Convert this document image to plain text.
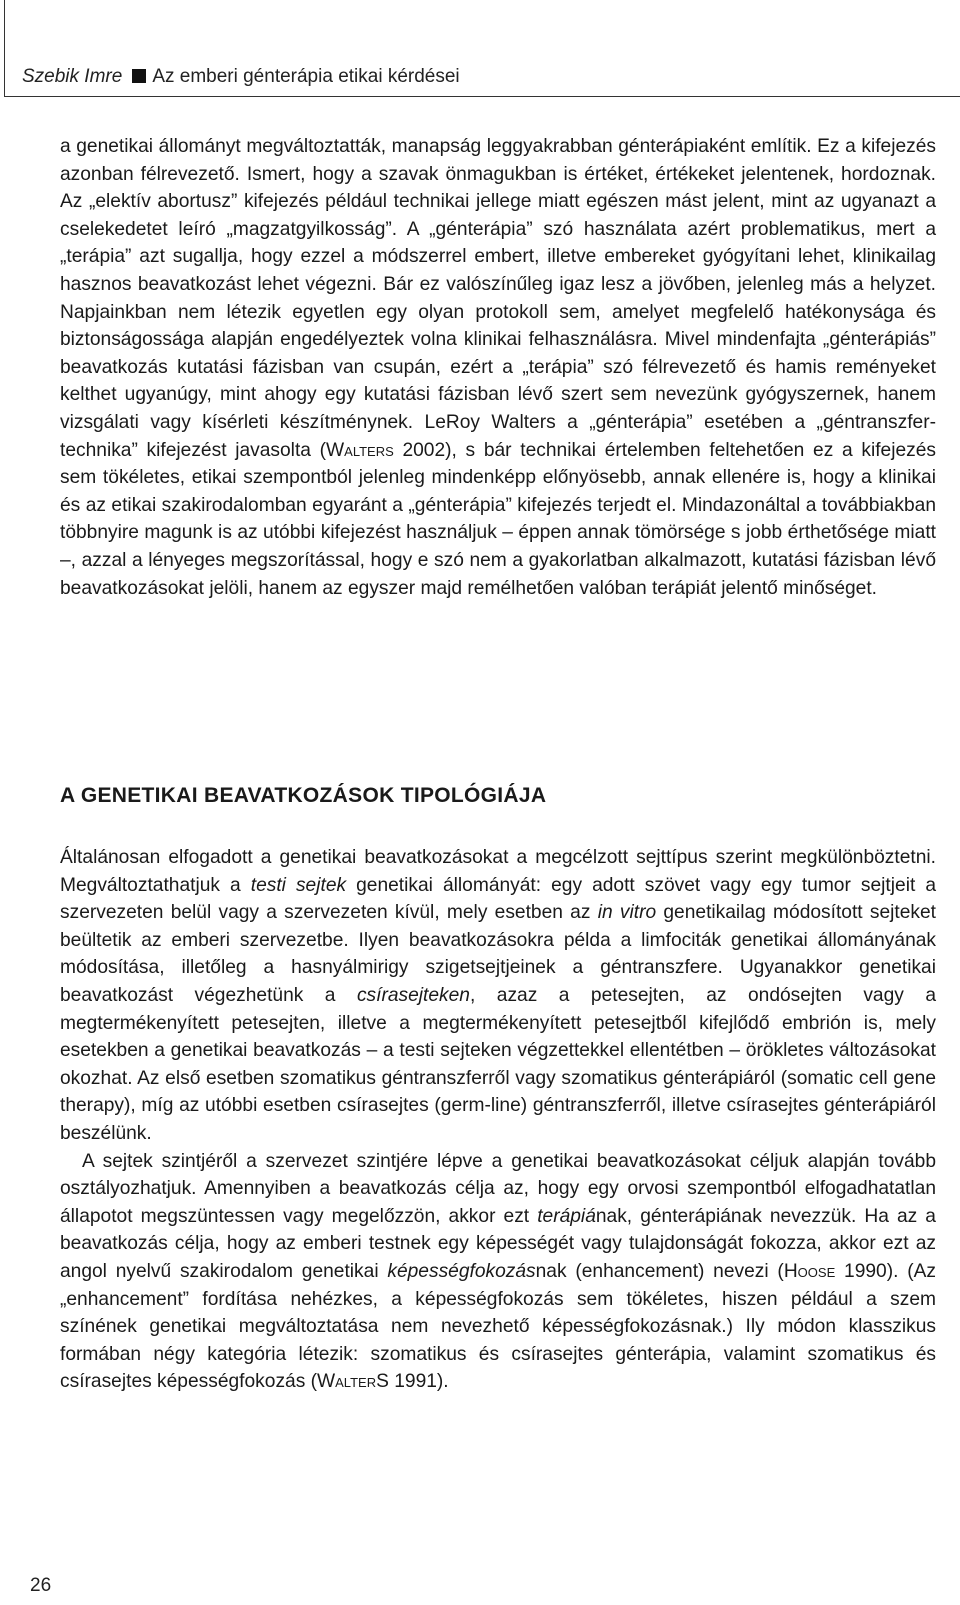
Szebik Imre Az emberi génterápia etikai kérdései

a genetikai állományt megváltoztatták, manapság leggyakrabban génterápiaként említik. Ez a kifejezés azonban félrevezető. Ismert, hogy a szavak önmagukban is értéket, értékeket jelentenek, hordoznak. Az „elektív abortusz” kifejezés például technikai jellege miatt egészen mást jelent, mint az ugyanazt a cselekedetet leíró „magzatgyilkosság”. A „génterápia” szó használata azért problematikus, mert a „terápia” azt sugallja, hogy ezzel a módszerrel embert, illetve embereket gyógyítani lehet, klinikailag hasznos beavatkozást lehet végezni. Bár ez valószínűleg igaz lesz a jövőben, jelenleg más a helyzet. Napjainkban nem létezik egyetlen egy olyan protokoll sem, amelyet megfelelő hatékonysága és biztonságossága alapján engedélyeztek volna klinikai felhasználásra. Mivel mindenfajta „génterápiás” beavatkozás kutatási fázisban van csupán, ezért a „terápia” szó félrevezető és hamis reményeket kelthet ugyanúgy, mint ahogy egy kutatási fázisban lévő szert sem nevezünk gyógyszernek, hanem vizsgálati vagy kísérleti készítménynek. LeRoy Walters a „génterápia” esetében a „géntranszfer-technika” kifejezést javasolta (Walters 2002), s bár technikai értelemben feltehetően ez a kifejezés sem tökéletes, etikai szempontból jelenleg mindenképp előnyösebb, annak ellenére is, hogy a klinikai és az etikai szakirodalomban egyaránt a „génterápia” kifejezés terjedt el. Mindazonáltal a továbbiakban többnyire magunk is az utóbbi kifejezést használjuk – éppen annak tömörsége s jobb érthetősége miatt –, azzal a lényeges megszorítással, hogy e szó nem a gyakorlatban alkalmazott, kutatási fázisban lévő beavatkozásokat jelöli, hanem az egyszer majd remélhetően valóban terápiát jelentő minőséget.

A GENETIKAI BEAVATKOZÁSOK TIPOLÓGIÁJA

Általánosan elfogadott a genetikai beavatkozásokat a megcélzott sejttípus szerint megkülönböztetni. Megváltoztathatjuk a testi sejtek genetikai állományát: egy adott szövet vagy egy tumor sejtjeit a szervezeten belül vagy a szervezeten kívül, mely esetben az in vitro genetikailag módosított sejteket beültetik az emberi szervezetbe. Ilyen beavatkozásokra példa a limfociták genetikai állományának módosítása, illetőleg a hasnyálmirigy szigetsejtjeinek a géntranszfere. Ugyanakkor genetikai beavatkozást végezhetünk a csírasejteken, azaz a petesejten, az ondósejten vagy a megtermékenyített petesejten, illetve a megtermékenyített petesejtből kifejlődő embrión is, mely esetekben a genetikai beavatkozás – a testi sejteken végzettekkel ellentétben – örökletes változásokat okozhat. Az első esetben szomatikus géntranszferről vagy szomatikus génterápiáról (somatic cell gene therapy), míg az utóbbi esetben csírasejtes (germ-line) géntranszferről, illetve csírasejtes génterápiáról beszélünk.

A sejtek szintjéről a szervezet szintjére lépve a genetikai beavatkozásokat céljuk alapján tovább osztályozhatjuk. Amennyiben a beavatkozás célja az, hogy egy orvosi szempontból elfogadhatatlan állapotot megszüntessen vagy megelőzzön, akkor ezt terápiának, génterápiának nevezzük. Ha az a beavatkozás célja, hogy az emberi testnek egy képességét vagy tulajdonságát fokozza, akkor ezt az angol nyelvű szakirodalom genetikai képességfokozásnak (enhancement) nevezi (Hoose 1990). (Az „enhancement” fordítása nehézkes, a képességfokozás sem tökéletes, hiszen például a szem színének genetikai megváltoztatása nem nevezhető képességfokozásnak.) Ily módon klasszikus formában négy kategória létezik: szomatikus és csírasejtes génterápia, valamint szomatikus és csírasejtes képességfokozás (WalterS 1991).

26
